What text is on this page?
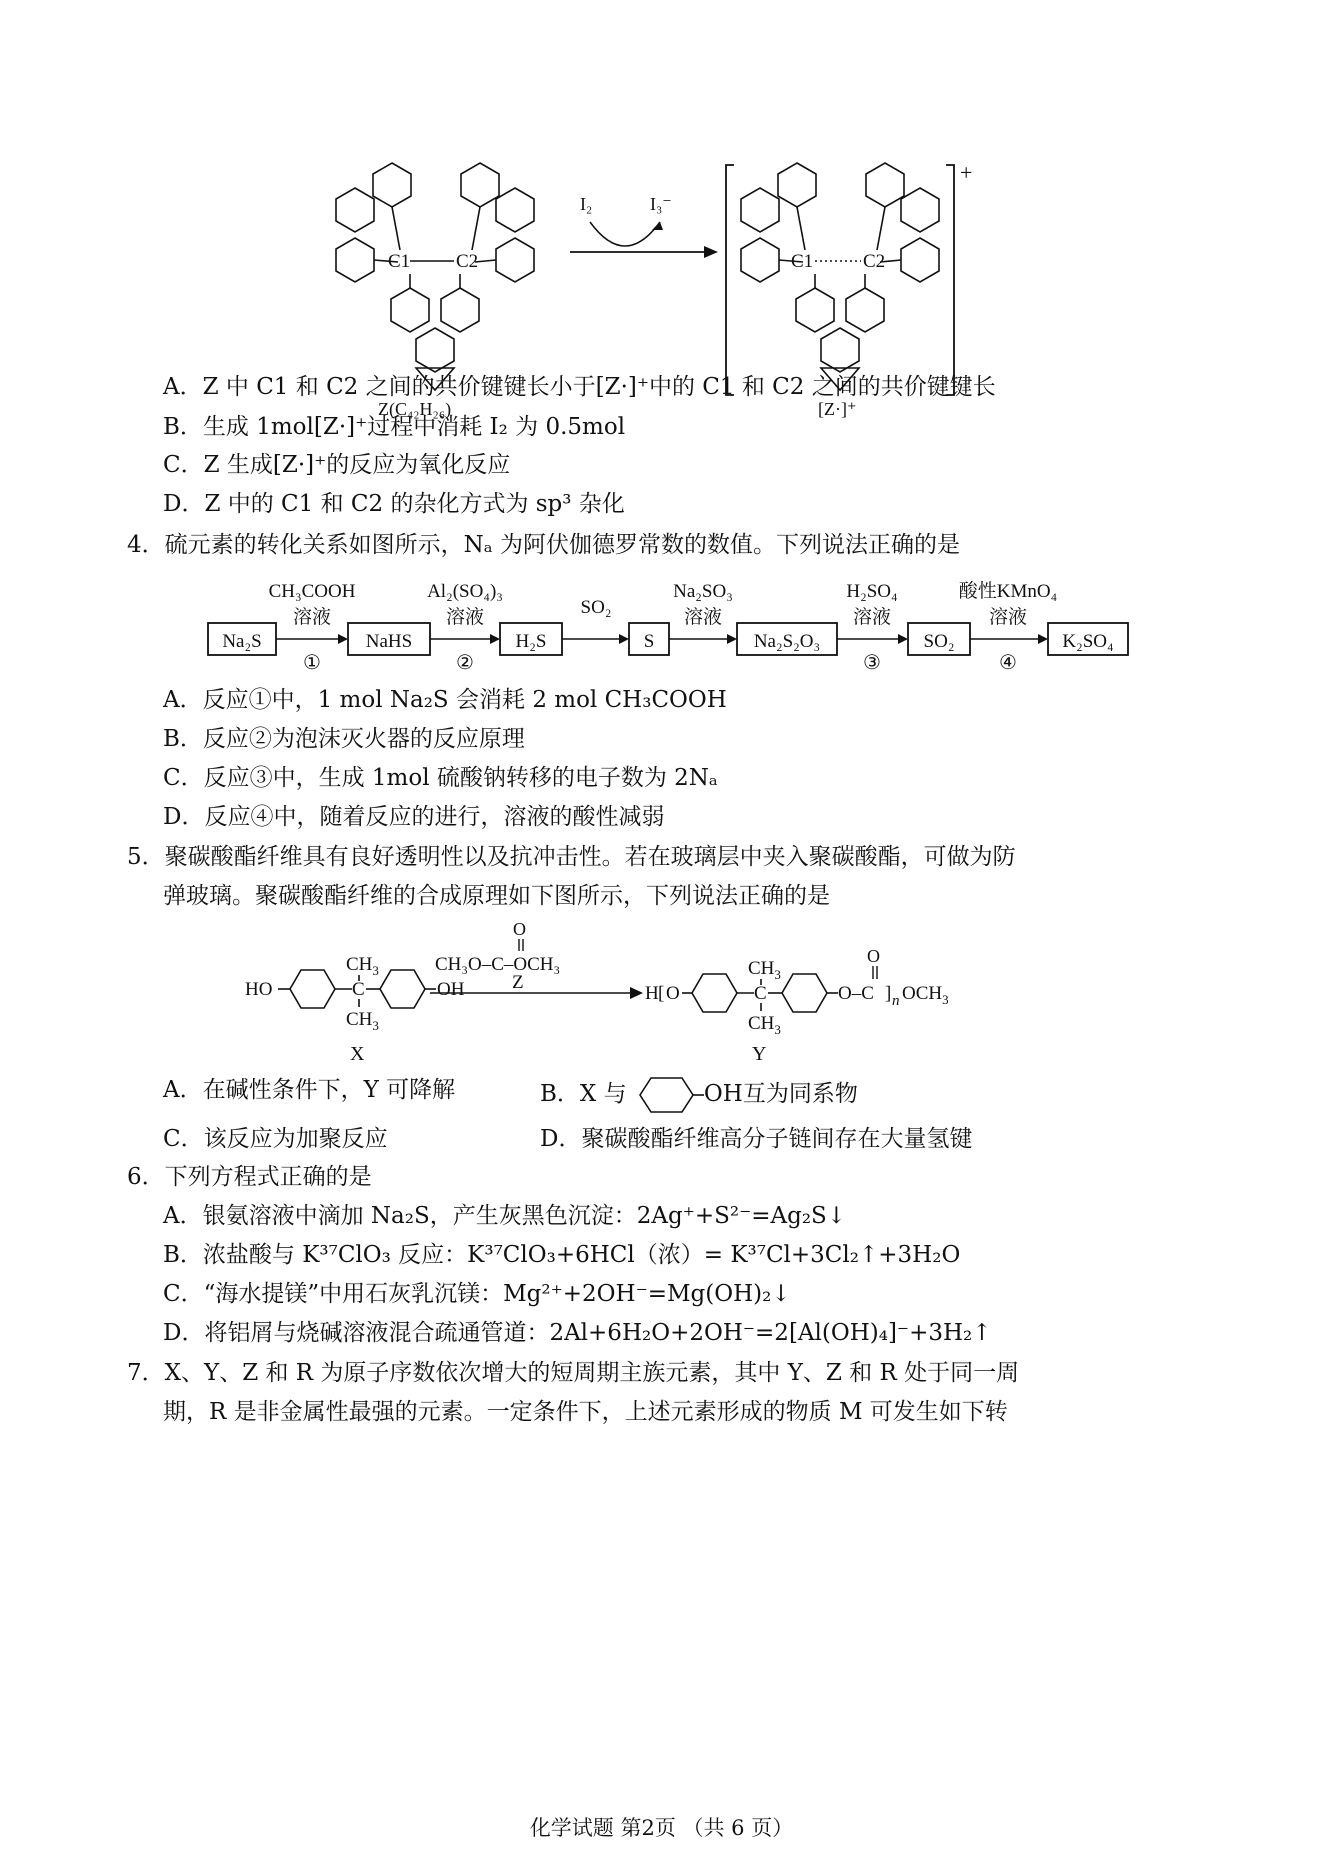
C1 C2
Z(C₄₂H₂₆)
I₂	I₃⁻
+
C1	C2
[Z·]⁺
A．Z 中 C1 和 C2 之间的共价键键长小于[Z·]⁺中的 C1 和 C2 之间的共价键键长
B．生成 1mol[Z·]⁺过程中消耗 I₂ 为 0.5mol
C．Z 生成[Z·]⁺的反应为氧化反应
D．Z 中的 C1 和 C2 的杂化方式为 sp³ 杂化
4．硫元素的转化关系如图所示，Nₐ 为阿伏伽德罗常数的数值。下列说法正确的是
Na₂S	NaHS	H₂S	S	Na₂S₂O₃	SO₂	K₂SO₄
CH₃COOH
溶液
Al₂(SO₄)₃
溶液	SO₂
Na₂SO₃
溶液
H₂SO₄
溶液
酸性KMnO₄
溶液
①	②	③	④
A．反应①中，1 mol Na₂S 会消耗 2 mol CH₃COOH
B．反应②为泡沫灭火器的反应原理
C．反应③中，生成 1mol 硫酸钠转移的电子数为 2Nₐ
D．反应④中，随着反应的进行，溶液的酸性减弱
5．聚碳酸酯纤维具有良好透明性以及抗冲击性。若在玻璃层中夹入聚碳酸酯，可做为防
弹玻璃。聚碳酸酯纤维的合成原理如下图所示，下列说法正确的是
HO	C
$CH_3$
$CH_3$
OH
X
O
CH₃O–C–OCH₃
Z
H [ O	C
$CH_3$
$CH_3$
O–C
O
] n $OCH_3$
Y
A．在碱性条件下，Y 可降解	B．X 与	OH互为同系物
C．该反应为加聚反应	D．聚碳酸酯纤维高分子链间存在大量氢键
6．下列方程式正确的是
A．银氨溶液中滴加 Na₂S，产生灰黑色沉淀：2Ag⁺+S²⁻=Ag₂S↓
B．浓盐酸与 K³⁷ClO₃ 反应：K³⁷ClO₃+6HCl（浓）= K³⁷Cl+3Cl₂↑+3H₂O
C．“海水提镁”中用石灰乳沉镁：Mg²⁺+2OH⁻=Mg(OH)₂↓
D．将铝屑与烧碱溶液混合疏通管道：2Al+6H₂O+2OH⁻=2[Al(OH)₄]⁻+3H₂↑
7．X、Y、Z 和 R 为原子序数依次增大的短周期主族元素，其中 Y、Z 和 R 处于同一周
期，R 是非金属性最强的元素。一定条件下，上述元素形成的物质 M 可发生如下转
化学试题 第2页 （共 6 页）
